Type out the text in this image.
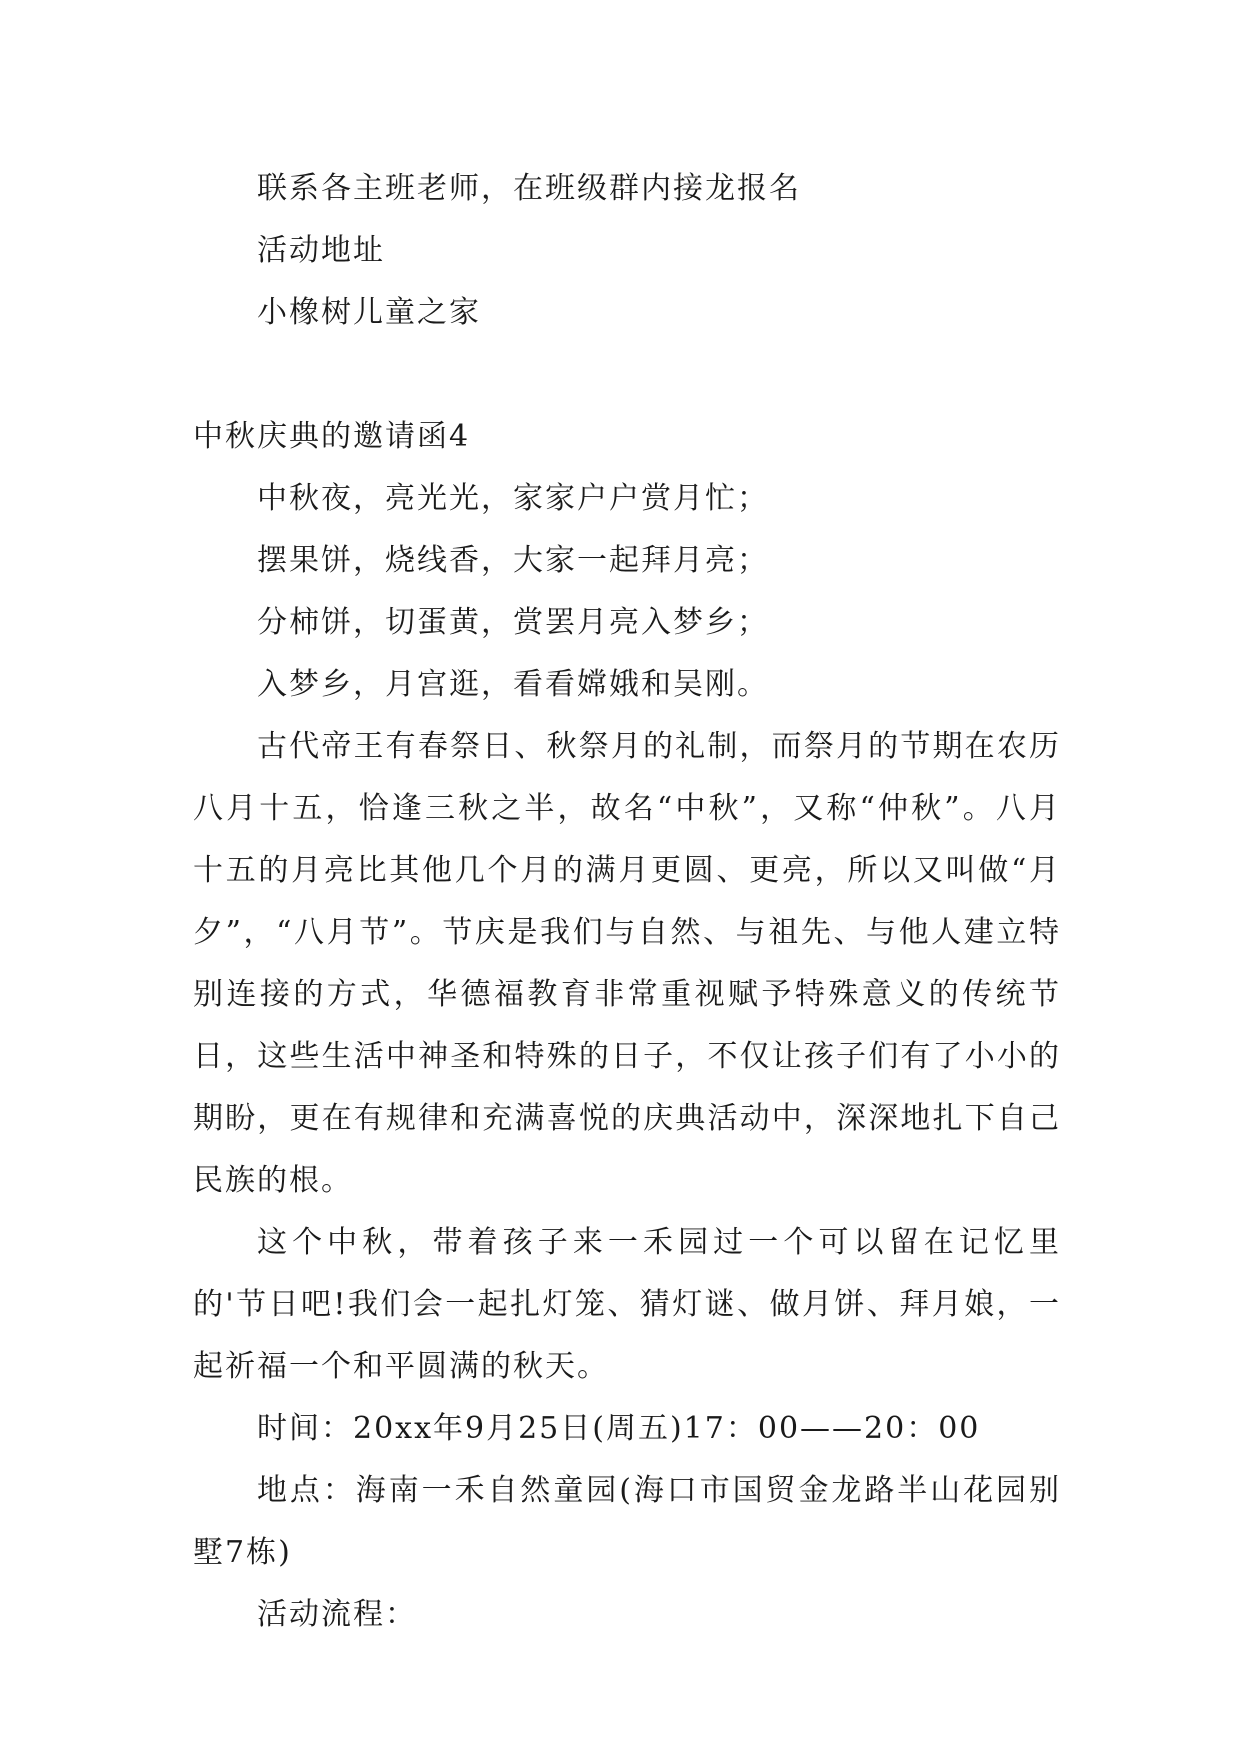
联系各主班老师，在班级群内接龙报名

活动地址

小橡树儿童之家

中秋庆典的邀请函4

中秋夜，亮光光，家家户户赏月忙；

摆果饼，烧线香，大家一起拜月亮；

分柿饼，切蛋黄，赏罢月亮入梦乡；

入梦乡，月宫逛，看看嫦娥和吴刚。

古代帝王有春祭日、秋祭月的礼制，而祭月的节期在农历八月十五，恰逢三秋之半，故名“中秋”，又称“仲秋”。八月十五的月亮比其他几个月的满月更圆、更亮，所以又叫做“月夕”，“八月节”。节庆是我们与自然、与祖先、与他人建立特别连接的方式，华德福教育非常重视赋予特殊意义的传统节日，这些生活中神圣和特殊的日子，不仅让孩子们有了小小的期盼，更在有规律和充满喜悦的庆典活动中，深深地扎下自己民族的根。

这个中秋，带着孩子来一禾园过一个可以留在记忆里的'节日吧!我们会一起扎灯笼、猜灯谜、做月饼、拜月娘，一起祈福一个和平圆满的秋天。

时间：20xx年9月25日(周五)17：00——20：00

地点：海南一禾自然童园(海口市国贸金龙路半山花园别墅7栋)

活动流程：
